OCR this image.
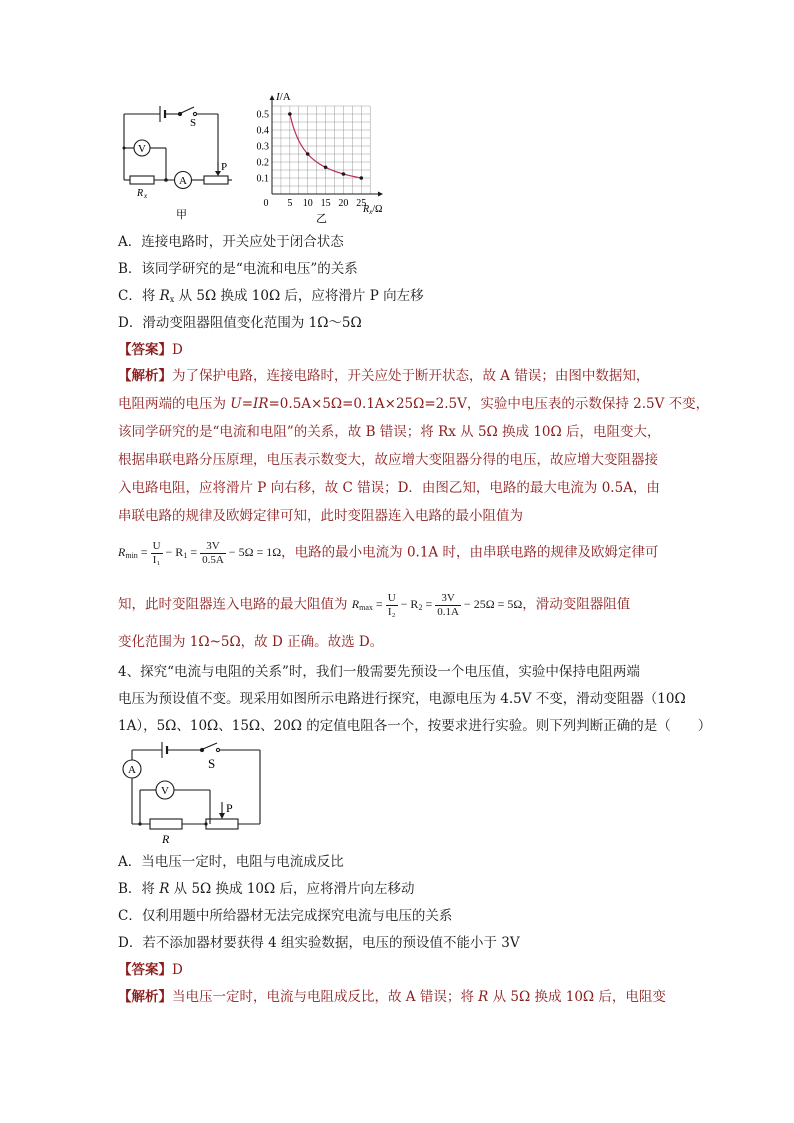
V
A
S
P
R x
甲
0 5 10 15 20 25
0.1
0.2
0.3
0.4
0.5
I/A
$R_x/\Omega$
乙
A．连接电路时，开关应处于闭合状态
B．该同学研究的是“电流和电压”的关系
C．将 $R_x$ 从 5Ω 换成 10Ω 后，应将滑片 P 向左移
D．滑动变阻器阻值变化范围为 1Ω～5Ω
【答案】D
【解析】为了保护电路，连接电路时，开关应处于断开状态，故 A 错误；由图中数据知，
电阻两端的电压为 U=IR=0.5A×5Ω=0.1A×25Ω=2.5V，实验中电压表的示数保持 2.5V 不变，
该同学研究的是“电流和电阻”的关系，故 B 错误；将 Rx 从 5Ω 换成 10Ω 后，电阻变大，
根据串联电路分压原理，电压表示数变大，故应增大变阻器分得的电压，故应增大变阻器接
入电路电阻，应将滑片 P 向右移，故 C 错误；D．由图乙知，电路的最大电流为 0.5A，由
串联电路的规律及欧姆定律可知，此时变阻器连入电路的最小阻值为
$R_{min} = \frac{U}{\text{I₁}} - R_1 = \frac{3V}{0.5A} - 5\Omega = 1\Omega$，电路的最小电流为 0.1A 时，由串联电路的规律及欧姆定律可
知，此时变阻器连入电路的最大阻值为 $R_{max} = \frac{U}{\text{I₂}} - R_2 = \frac{3V}{0.1A} - 25\Omega = 5\Omega$，滑动变阻器阻值
变化范围为 1Ω~5Ω，故 D 正确。故选 D。
4、探究“电流与电阻的关系”时，我们一般需要先预设一个电压值，实验中保持电阻两端
电压为预设值不变。现采用如图所示电路进行探究，电源电压为 4.5V 不变，滑动变阻器（10Ω
1A），5Ω、10Ω、15Ω、20Ω 的定值电阻各一个，按要求进行实验。则下列判断正确的是（　　）
A
V
S
P
R
A．当电压一定时，电阻与电流成反比
B．将 R 从 5Ω 换成 10Ω 后，应将滑片向左移动
C．仅利用题中所给器材无法完成探究电流与电压的关系
D．若不添加器材要获得 4 组实验数据，电压的预设值不能小于 3V
【答案】D
【解析】当电压一定时，电流与电阻成反比，故 A 错误；将 R 从 5Ω 换成 10Ω 后，电阻变
